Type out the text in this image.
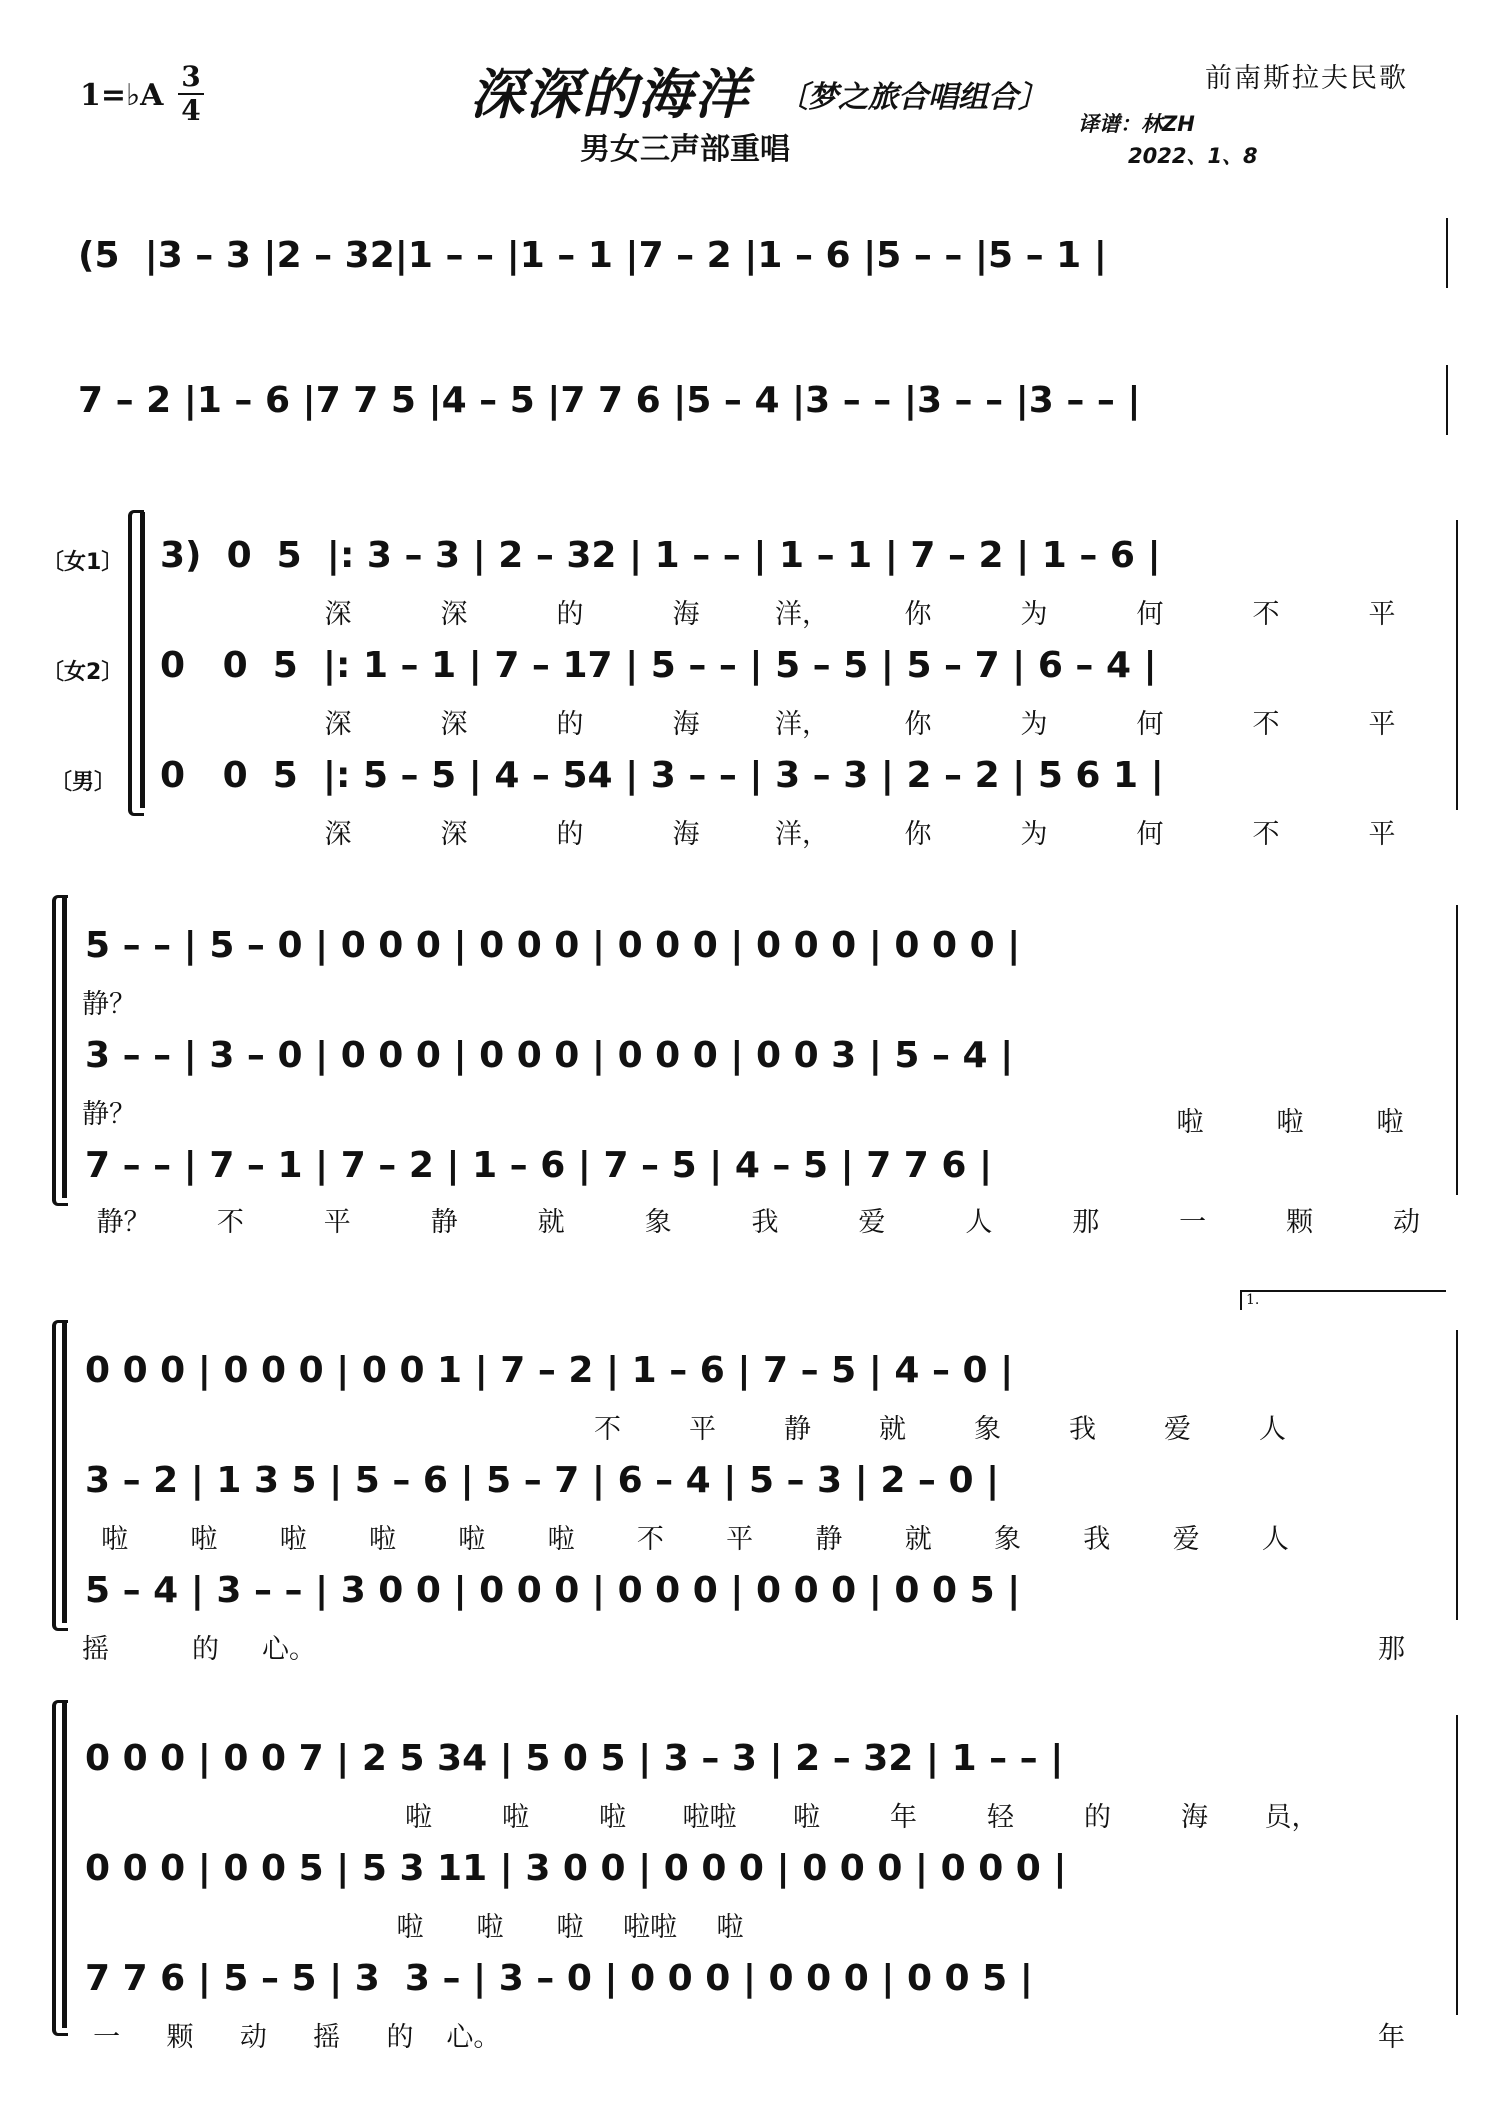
1=♭A
3
4	深深的海洋 〔梦之旅合唱组合〕
男女三声部重唱
前南斯拉夫民歌
译谱：林ZH
2022、1、8
(5  |3 – 3 |2 – 32|1 – – |1 – 1 |7 – 2 |1 – 6 |5 – – |5 – 1 |
7 – 2 |1 – 6 |7 7 5 |4 – 5 |7 7 6 |5 – 4 |3 – – |3 – – |3 – – |
〔女1〕
〔女2〕
〔男〕
3)  0  5  |: 3 – 3 | 2 – 32 | 1 – – | 1 – 1 | 7 – 2 | 1 – 6 |
深	深	的	海	洋，	你	为	何	不	平
0   0  5  |: 1 – 1 | 7 – 17 | 5 – – | 5 – 5 | 5 – 7 | 6 – 4 |
深	深	的	海	洋，	你	为	何	不	平
0   0  5  |: 5 – 5 | 4 – 54 | 3 – – | 3 – 3 | 2 – 2 | 5 6 1 |
深	深	的	海	洋，	你	为	何	不	平
5 – – | 5 – 0 | 0 0 0 | 0 0 0 | 0 0 0 | 0 0 0 | 0 0 0 |
静？
3 – – | 3 – 0 | 0 0 0 | 0 0 0 | 0 0 0 | 0 0 3 | 5 – 4 |
静？	啦	啦	啦
7 – – | 7 – 1 | 7 – 2 | 1 – 6 | 7 – 5 | 4 – 5 | 7 7 6 |
静？	不	平	静	就	象	我	爱	人	那	一	颗	动
1.
0 0 0 | 0 0 0 | 0 0 1 | 7 – 2 | 1 – 6 | 7 – 5 | 4 – 0 |
不	平	静	就	象	我	爱	人
3 – 2 | 1 3 5 | 5 – 6 | 5 – 7 | 6 – 4 | 5 – 3 | 2 – 0 |
啦	啦	啦	啦	啦	啦	不	平	静	就	象	我	爱	人
5 – 4 | 3 – – | 3 0 0 | 0 0 0 | 0 0 0 | 0 0 0 | 0 0 5 |
摇	的 心。	那
0 0 0 | 0 0 7 | 2 5 34 | 5 0 5 | 3 – 3 | 2 – 32 | 1 – – |
啦	啦	啦	啦啦	啦	年	轻	的	海	员，
0 0 0 | 0 0 5 | 5 3 11 | 3 0 0 | 0 0 0 | 0 0 0 | 0 0 0 |
啦	啦	啦	啦啦	啦
7 7 6 | 5 – 5 | 3  3 – | 3 – 0 | 0 0 0 | 0 0 0 | 0 0 5 |
一	颗	动	摇	的	心。	年
